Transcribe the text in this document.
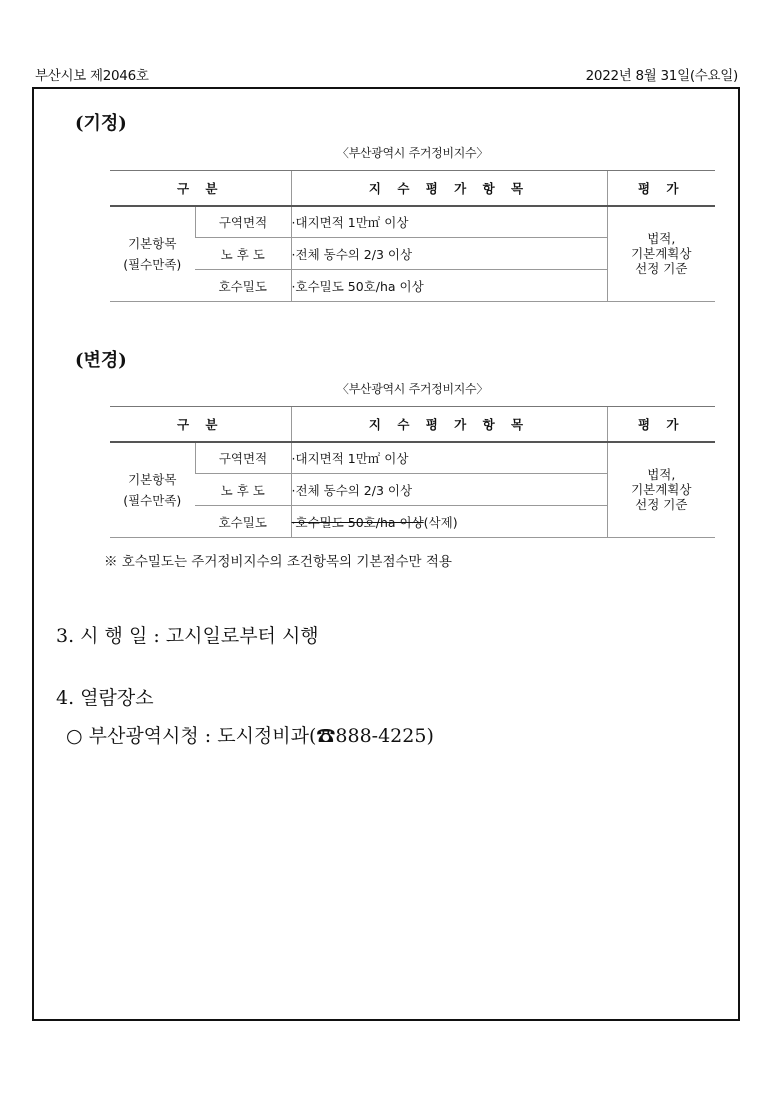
부산시보 제2046호	2022년 8월 31일(수요일)
(기정)
〈부산광역시 주거정비지수〉
구 분		지 수 평 가 항 목	평 가
기본항목
(필수만족)	구역면적	·대지면적 1만㎡ 이상	법적,
기본계획상
선정 기준
	노 후 도	·전체 동수의 2/3 이상	
	호수밀도	·호수밀도 50호/ha 이상	
(변경)
〈부산광역시 주거정비지수〉
구 분		지 수 평 가 항 목	평 가
기본항목
(필수만족)	구역면적	·대지면적 1만㎡ 이상	법적,
기본계획상
선정 기준
	노 후 도	·전체 동수의 2/3 이상	
	호수밀도	·호수밀도 50호/ha 이상(삭제)	
※ 호수밀도는 주거정비지수의 조건항목의 기본점수만 적용
3. 시 행 일 : 고시일로부터 시행
4. 열람장소
○ 부산광역시청 : 도시정비과(☎888-4225)
